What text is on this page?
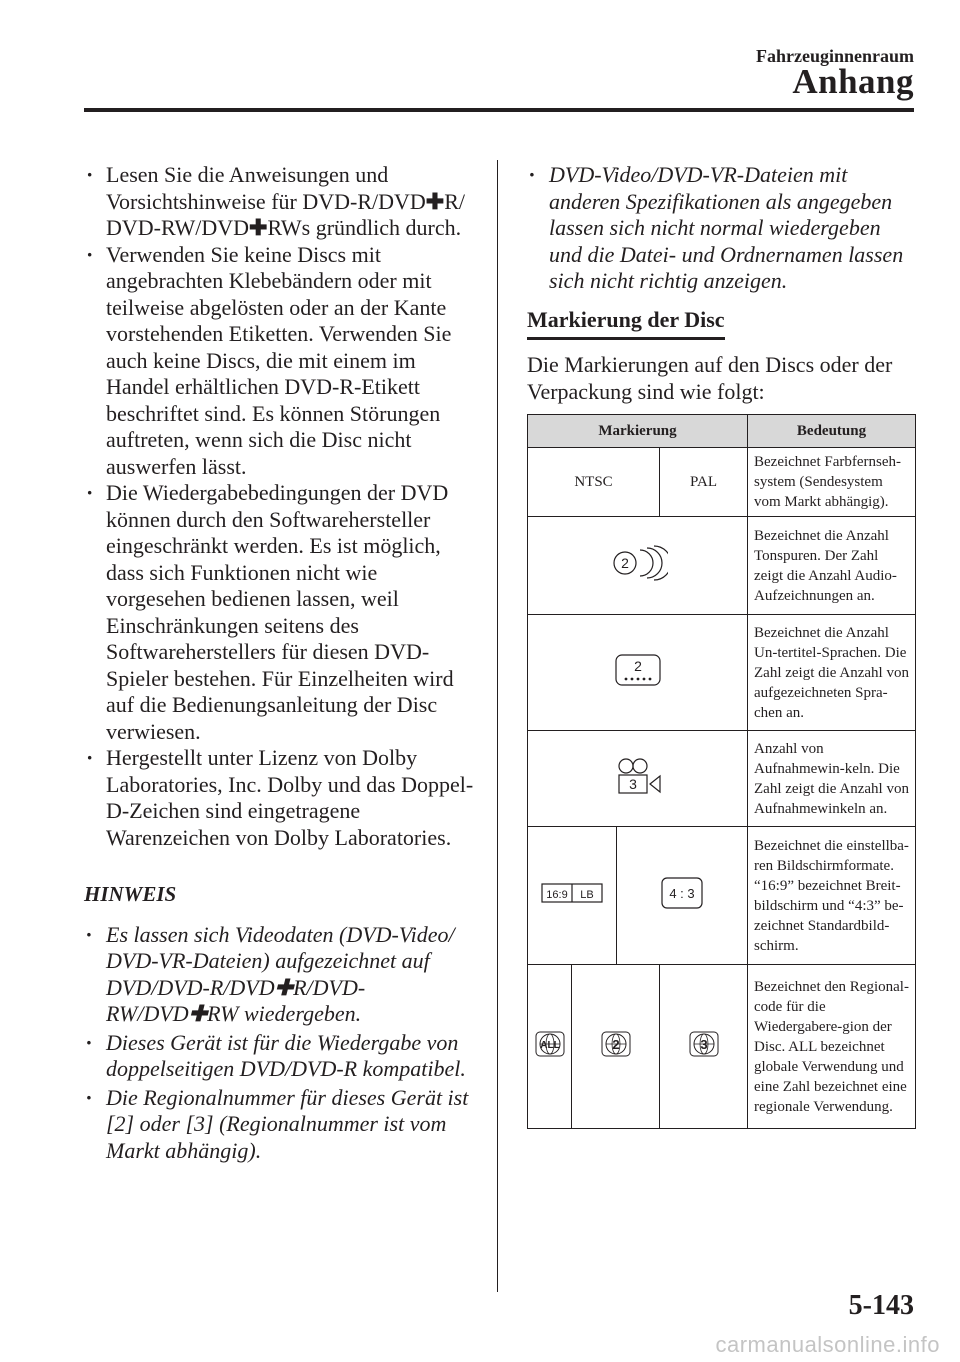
Fahrzeuginnenraum
Anhang
· Lesen Sie die Anweisungen und Vorsichtshinweise für DVD-R/DVD✚R/ DVD-RW/DVD✚RWs gründlich durch.
· Verwenden Sie keine Discs mit angebrachten Klebebändern oder mit teilweise abgelösten oder an der Kante vorstehenden Etiketten. Verwenden Sie auch keine Discs, die mit einem im Handel erhältlichen DVD-R-Etikett beschriftet sind. Es können Störungen auftreten, wenn sich die Disc nicht auswerfen lässt.
· Die Wiedergabebedingungen der DVD können durch den Softwarehersteller eingeschränkt werden. Es ist möglich, dass sich Funktionen nicht wie vorgesehen bedienen lassen, weil Einschränkungen seitens des Softwareherstellers für diesen DVD-Spieler bestehen. Für Einzelheiten wird auf die Bedienungsanleitung der Disc verwiesen.
· Hergestellt unter Lizenz von Dolby Laboratories, Inc. Dolby und das Doppel-D-Zeichen sind eingetragene Warenzeichen von Dolby Laboratories.
HINWEIS
· Es lassen sich Videodaten (DVD-Video/ DVD-VR-Dateien) aufgezeichnet auf DVD/DVD-R/DVD✚R/DVD-RW/DVD✚RW wiedergeben.
· Dieses Gerät ist für die Wiedergabe von doppelseitigen DVD/DVD-R kompatibel.
· Die Regionalnummer für dieses Gerät ist [2] oder [3] (Regionalnummer ist vom Markt abhängig).
· DVD-Video/DVD-VR-Dateien mit anderen Spezifikationen als angegeben lassen sich nicht normal wiedergeben und die Datei- und Ordnernamen lassen sich nicht richtig anzeigen.
Markierung der Disc
Die Markierungen auf den Discs oder der Verpackung sind wie folgt:
Markierung				Bedeutung
NTSC			PAL	Bezeichnet Farbfernseh-system (Sendesystem vom Markt abhängig).

2				Bezeichnet die Anzahl Tonspuren. Der Zahl zeigt die Anzahl Audio-Aufzeichnungen an.

2				Bezeichnet die Anzahl Un-tertitel-Sprachen. Die Zahl zeigt die Anzahl von aufgezeichneten Spra-chen an.

3				Anzahl von Aufnahmewin-keln. Die Zahl zeigt die Anzahl von Aufnahmewinkeln an.

16:9 LB		4 : 3		Bezeichnet die einstellba-ren Bildschirmformate. “16:9” bezeichnet Breit-bildschirm und “4:3” be-zeichnet Standardbild-schirm.

ALL	2		3	Bezeichnet den Regional-code für die Wiedergabere-gion der Disc. ALL bezeichnet globale Verwendung und eine Zahl bezeichnet eine regionale Verwendung.
5-143
carmanualsonline.info
